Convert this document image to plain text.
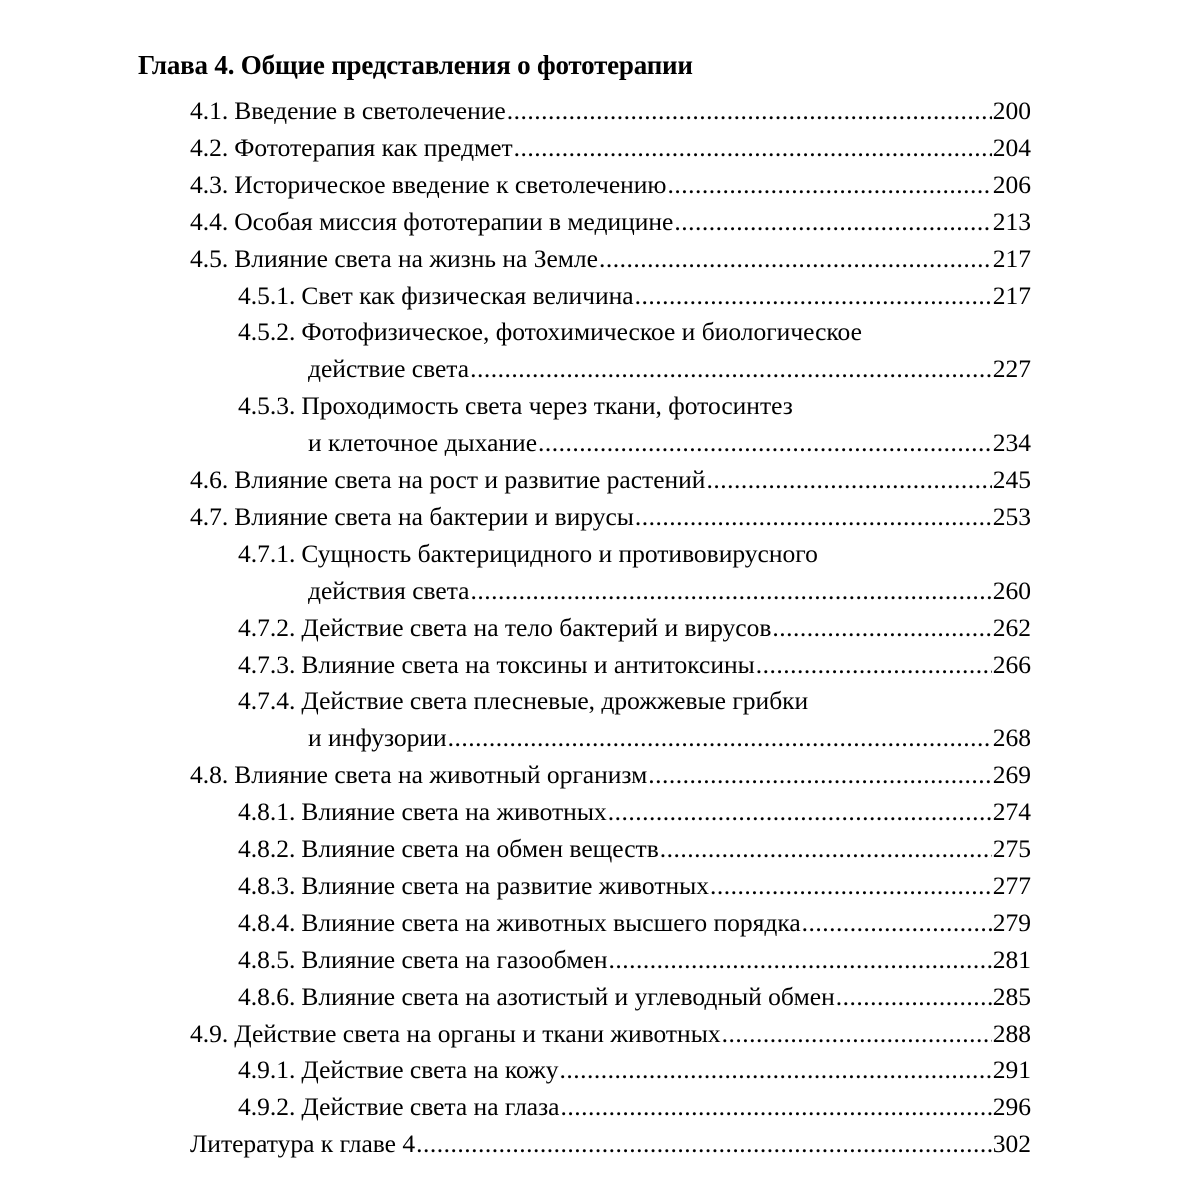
Глава 4. Общие представления о фототерапии
4.1. Введение в светолечение .....	200
4.2. Фототерапия как предмет .....	204
4.3. Историческое введение к светолечению .....	206
4.4. Особая миссия фототерапии в медицине .....	213
4.5. Влияние света на жизнь на Земле .....	217
4.5.1. Свет как физическая величина .....	217
4.5.2. Фотофизическое, фотохимическое и биологическое
действие света .....	227
4.5.3. Проходимость света через ткани, фотосинтез
и клеточное дыхание .....	234
4.6. Влияние света на рост и развитие растений .....	245
4.7. Влияние света на бактерии и вирусы .....	253
4.7.1. Сущность бактерицидного и противовирусного
действия света .....	260
4.7.2. Действие света на тело бактерий и вирусов .....	262
4.7.3. Влияние света на токсины и антитоксины .....	266
4.7.4. Действие света плесневые, дрожжевые грибки
и инфузории .....	268
4.8. Влияние света на животный организм .....	269
4.8.1. Влияние света на животных .....	274
4.8.2. Влияние света на обмен веществ .....	275
4.8.3. Влияние света на развитие животных .....	277
4.8.4. Влияние света на животных высшего порядка .....	279
4.8.5. Влияние света на газообмен .....	281
4.8.6. Влияние света на азотистый и углеводный обмен .....	285
4.9. Действие света на органы и ткани животных .....	288
4.9.1. Действие света на кожу .....	291
4.9.2. Действие света на глаза .....	296
Литература к главе 4 .....	302
